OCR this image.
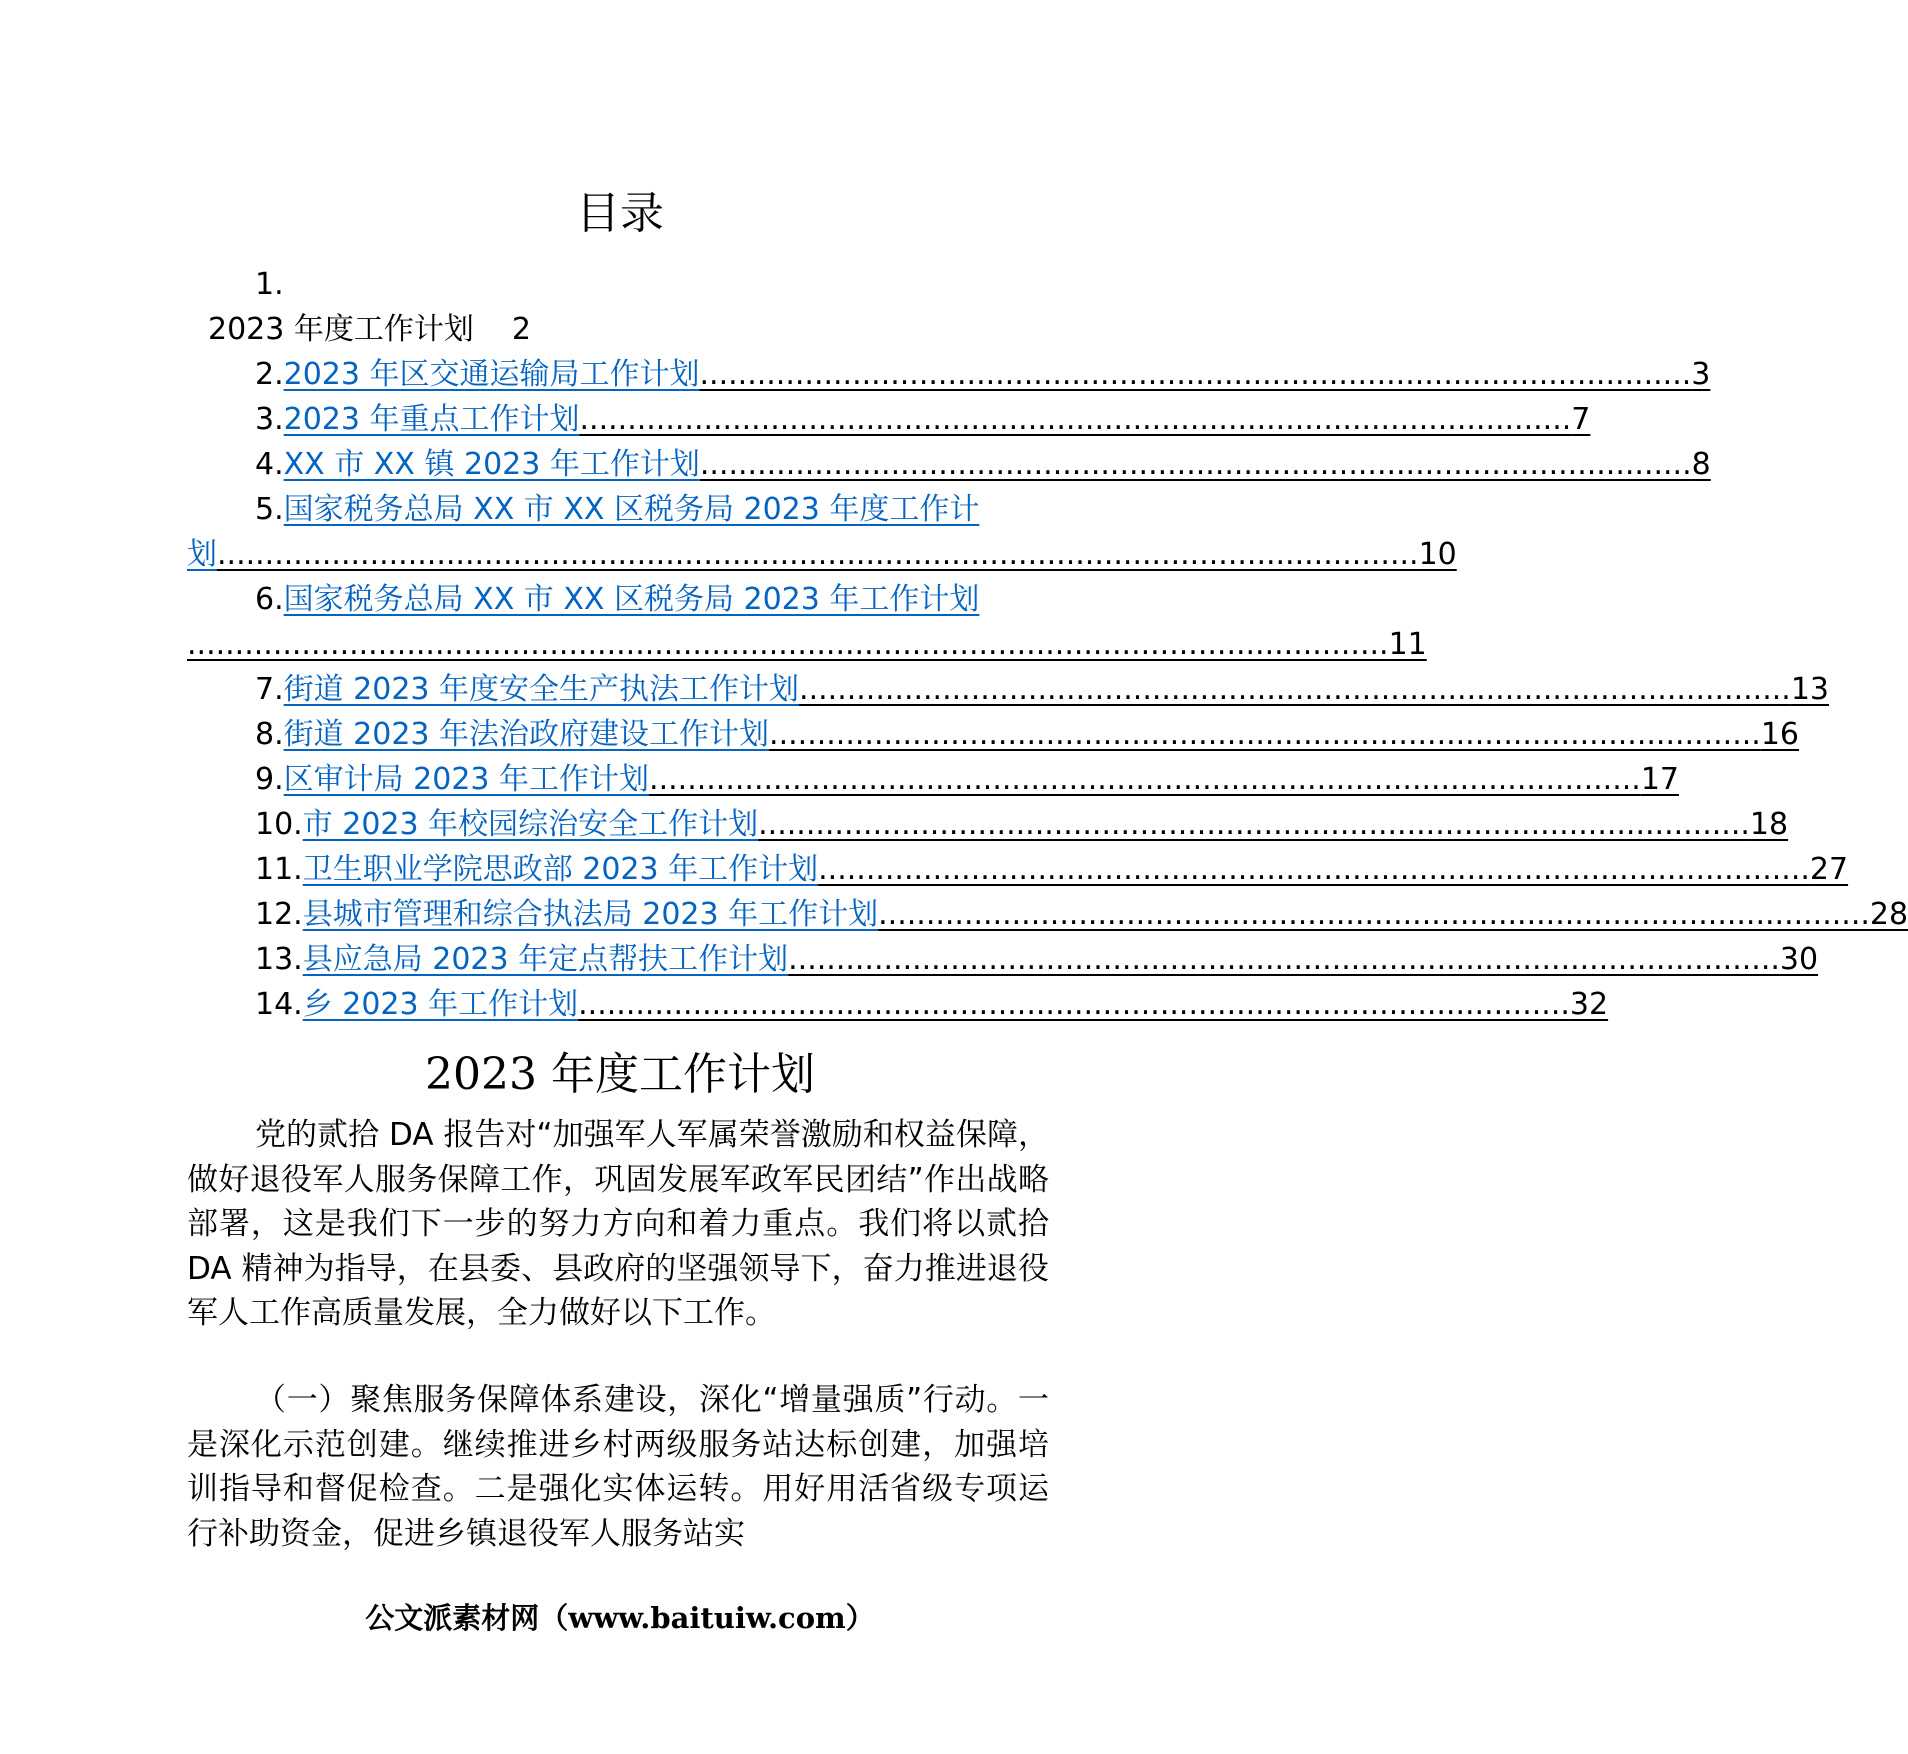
目录
1.
2023 年度工作计划 2
2. 2023 年区交通运输局工作计划 ........................................................................................................ 3
3. 2023 年重点工作计划 ........................................................................................................ 7
4. XX 市 XX 镇 2023 年工作计划 ........................................................................................................ 8
5. 国家税务总局 XX 市 XX 区税务局 2023 年度工作计
划 .............................................................................................................................. 10
6. 国家税务总局 XX 市 XX 区税务局 2023 年工作计划
.............................................................................................................................. 11
7. 街道 2023 年度安全生产执法工作计划 ........................................................................................................ 13
8. 街道 2023 年法治政府建设工作计划 ........................................................................................................ 16
9. 区审计局 2023 年工作计划 ........................................................................................................ 17
10. 市 2023 年校园综治安全工作计划 ........................................................................................................ 18
11. 卫生职业学院思政部 2023 年工作计划 ........................................................................................................ 27
12. 县城市管理和综合执法局 2023 年工作计划 ........................................................................................................ 28
13. 县应急局 2023 年定点帮扶工作计划 ........................................................................................................ 30
14. 乡 2023 年工作计划 ........................................................................................................ 32
2023 年度工作计划

党的贰拾 DA 报告对“加强军人军属荣誉激励和权益保障，做好退役军人服务保障工作，巩固发展军政军民团结”作出战略部署，这是我们下一步的努力方向和着力重点。我们将以贰拾 DA 精神为指导，在县委、县政府的坚强领导下，奋力推进退役军人工作高质量发展，全力做好以下工作。

（一）聚焦服务保障体系建设，深化“增量强质”行动。一是深化示范创建。继续推进乡村两级服务站达标创建，加强培训指导和督促检查。二是强化实体运转。用好用活省级专项运行补助资金，促进乡镇退役军人服务站实

公文派素材网（www.baituiw.com）
